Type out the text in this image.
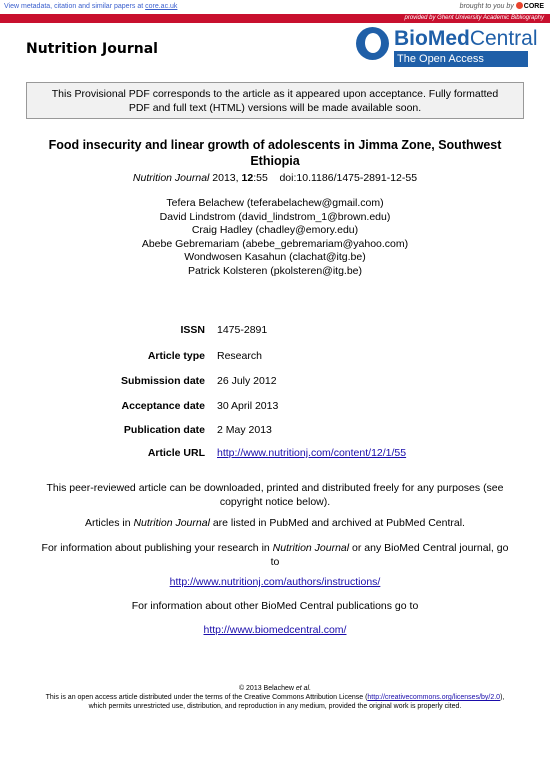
View metadata, citation and similar papers at core.ac.uk	brought to you by CORE
provided by Ghent University Academic Bibliography
Nutrition Journal	BioMedCentral
The Open Access Publisher
This Provisional PDF corresponds to the article as it appeared upon acceptance. Fully formatted
PDF and full text (HTML) versions will be made available soon.
Food insecurity and linear growth of adolescents in Jimma Zone, Southwest
Ethiopia
Nutrition Journal 2013, 12:55 doi:10.1186/1475-2891-12-55
Tefera Belachew (teferabelachew@gmail.com)
David Lindstrom (david_lindstrom_1@brown.edu)
Craig Hadley (chadley@emory.edu)
Abebe Gebremariam (abebe_gebremariam@yahoo.com)
Wondwosen Kasahun (clachat@itg.be)
Patrick Kolsteren (pkolsteren@itg.be)
ISSN 1475-2891
Article type Research
Submission date 26 July 2012
Acceptance date 30 April 2013
Publication date 2 May 2013
Article URL http://www.nutritionj.com/content/12/1/55
This peer-reviewed article can be downloaded, printed and distributed freely for any purposes (see
copyright notice below).
Articles in Nutrition Journal are listed in PubMed and archived at PubMed Central.
For information about publishing your research in Nutrition Journal or any BioMed Central journal, go
to
http://www.nutritionj.com/authors/instructions/
For information about other BioMed Central publications go to
http://www.biomedcentral.com/
© 2013 Belachew et al.
This is an open access article distributed under the terms of the Creative Commons Attribution License (http://creativecommons.org/licenses/by/2.0),
which permits unrestricted use, distribution, and reproduction in any medium, provided the original work is properly cited.
